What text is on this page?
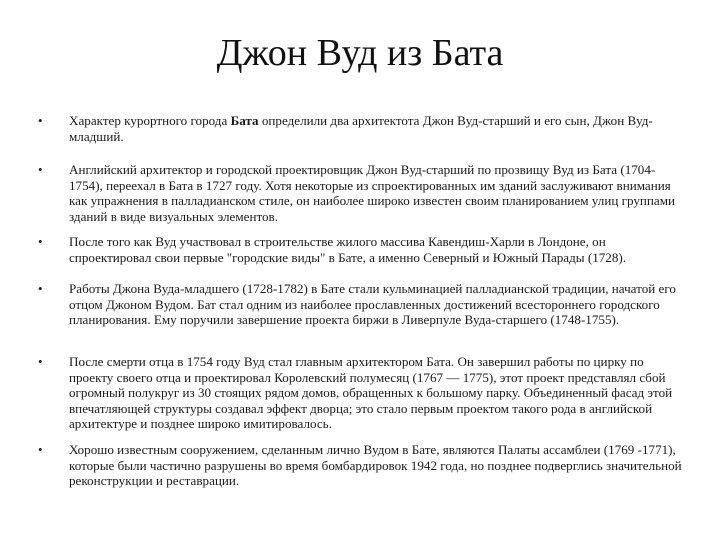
Джон Вуд из Бата
• Характер курортного города Бата определили два архитектота Джон Вуд-старший и его сын, Джон Вуд-младший.
• Английский архитектор и городской проектировщик Джон Вуд-старший по прозвищу Вуд из Бата (1704-1754), переехал в Бата в 1727 году. Хотя некоторые из спроектированных им зданий заслуживают внимания как упражнения в палладианском стиле, он наиболее широко известен своим планированием улиц группами зданий в виде визуальных элементов.
• После того как Вуд участвовал в строительстве жилого массива Кавендиш-Харли в Лондоне, он спроектировал свои первые "городские виды" в Бате, а именно Северный и Южный Парады (1728).
• Работы Джона Вуда-младшего (1728-1782) в Бате стали кульминацией палладианской традиции, начатой его отцом Джоном Вудом. Бат стал одним из наиболее прославленных достижений всестороннего городского планирования. Ему поручили завершение проекта биржи в Ливерпуле Вуда-старшего (1748-1755).
• После смерти отца в 1754 году Вуд стал главным архитектором Бата. Он завершил работы по цирку по проекту своего отца и проектировал Королевский полумесяц (1767 — 1775), этот проект представлял сбой огромный полукруг из 30 стоящих рядом домов, обращенных к большому парку. Объединенный фасад этой впечатляющей структуры создавал эффект дворца; это стало первым проектом такого рода в английской архитектуре и позднее широко имитировалось.
• Хорошо известным сооружением, сделанным лично Вудом в Бате, являются Палаты ассамблеи (1769 -1771), которые были частично разрушены во время бомбардировок 1942 года, но позднее подверглись значительной реконструкции и реставрации.
